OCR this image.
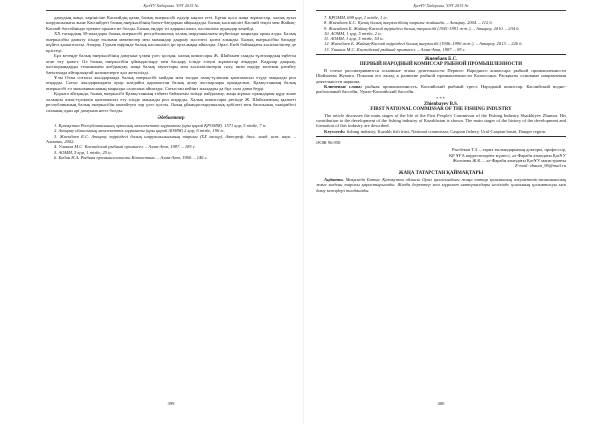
ҚазҰУ Хабаршы. ҮӘТ 2015 №

дамудың жаңа, көрінісіне Каспийдің қазақ балық өнеркәсібі едәуір ықпал етті. Бұған қоса жаңа жұмыстар, халық ауыл шаруашылығы және Каспийдегі балық өнеркәсібінің бағыт-бағдарын айқындады. Балық кәсіпшілігі Каспий теңізі мен Жайық-Каспий бассейнінде ерекше орынға ие болды. Балық өндіру ісі қарқын алып, кәсіпшілік аудандар кеңейді.

ХХ ғасырдың 30-жылдары балық өнеркәсібі республикалық халық шаруашылығы жүйесінде маңызды орын алды. Балық өнеркәсібін дамыту ісінде ғылыми мекемелер мен мамандар даярлау мәселесі қолға алынды. Балық өнеркәсібін басқару жүйесі қалыптасты. Атырау, Гурьев өңірінде балық кәсіпшілігі ірі орталыққа айналды, Орал, Ембі бойындағы кәсіпшіліктер де өрістеді.

Бұл кезеңде балық өнеркәсібінің дамуына үлкен үлес қосқан, халық комиссары Ж. Шайхыев сынды тұлғалардың еңбегін атап өту қажет. Ол балық өнеркәсібін ұйымдастыру мен басқару ісінде елеулі жұмыстар атқарды. Кадрлар даярлау, кәсіпорындарды техникамен жабдықтау, жаңа балық зауыттары мен кәсіпшіліктерін салу, өнім өндіру көлемін ұлғайту бағытында айтарлықтай нәтижелерге қол жеткізілді.

Ұлы Отан соғысы жылдарында балық өнеркәсібі майдан мен тылды азық-түлікпен қамтамасыз етуде маңызды рөл атқарды. Соғыс жылдарындағы ауыр жағдайға қарамастан балық аулау жоспарлары орындалып, Қазақстанның балық өнеркәсібі ел экономикасының маңызды саласына айналды. Соғыстан кейінгі жылдары да бұл сала дами берді.

Қорыта айтқанда, балық өнеркәсібі Қазақстанның табиғи байлығын тиімді пайдалану, жаңа жұмыс орындарын құру және халықты азық-түлікпен қамтамасыз ету ісінде маңызды рөл атқарды. Халық комиссары ретінде Ж. Шайхыевтың қызметі республиканың балық өнеркәсібін нығайтуға зор үлес қосты. Оның ұйымдастырушылық қабілеті мен басшылық тәжірибесі саланың одан әрі дамуына негіз болды.

Әдебиеттер

1. Қазақстан Республикасының орталық мемлекеттік мұрағаты (ары қарай ҚРОММ). 1571 қор, 5 тізбе, 7 іс.

2. Атырау облысының мемлекеттік мұрағаты (ары қарай АОММ) 2 қор, 6 тізбе, 196 іс.

3. Жиенбаев Б.С. Атырау өңіріндегі балық шаруашылығының тарихы (XX ғасыр). Автореф. дисс. канд. ист. наук. – Алматы, 2002.

4. Ушаков М.С. Каспийский рыбный промысел. – Алма-Ата, 1987. – 185 с.

5. АОММ, 5 қор, 1 тізбе, 25 іс.

6. Бабин Н.А. Рыбная промышленность Казахстана. – Алма-Ата, 1960. – 146 с.

399
ҚазҰУ Хабаршы. ҮӘТ 2015 №

7. ҚРОММ, 698 қор, 1 тізбе, 1 іс.

8. Жиенбаев Б.С. Қазақ балық өнеркәсібінің тарихы жайында. – Атырау, 2004. – 112 б.

9. Жиенбаев Б. Жайық-Каспий өңіріндегі балық өнеркәсібі (1941-1991 жж.). – Атырау, 2010. – 234 б.

10. АОММ, 1 қор, 5 тізбе, 2 іс.

11. АОММ, 1 қор, 5 тізбе, 54 іс.

12. Жиенбаев Б. Жайық-Каспий өңіріндегі балық өнеркәсібі (1946–1990 жж.). – Атырау, 2013. – 226 б.

13. Ушаков М.С. Каспийский рыбный промысел. – Алма-Ата, 1987. – 85 с.

Жиенбаев Б.С.
ПЕРВЫЙ НАРОДНЫЙ КОМИССАР РЫБНОЙ ПРОМЫШЛЕННОСТИ

В статье рассматриваются основные этапы деятельности Первого Народного комиссара рыбной промышленности Шайхыева Жумата. Показан его вклад в развитие рыбной промышленности Казахстана. Раскрыты основные направления деятельности наркома.

Ключевые слова: рыбная промышленность, Каспийский рыбный трест, Народный комиссар, Каспийский водно-рыболовный бассейн, Урало-Каспийский бассейн.

***
Zhienbayev B.S.
FIRST NATIONAL COMMISSAR OF THE FISHING INDUSTRY

The article discusses the main stages of the life of the First People's Commissar of the Fishing Industry Shaikhiyev Zhumat. His contribution to the development of the fishing industry of Kazakhstan is shown. The main stages of the history of the development and formation of this industry are described.

Keywords: fishing industry, Kazakh fish trust, National commissar, Caspian fishery, Ural-Caspian basin, Danger region.

ӘОЖ 96.958
Рысбеков Т.З. – тарих ғылымдарының докторы, профессор,
ҚР ҰҒА корреспондент мүшесі, әл-Фараби атындағы ҚазҰУ
Жолтаева Ж.К. – әл-Фараби атындағы ҚазҰУ магистранты
E-mail: zhanat_96@mail.ru
ЖАҢА ТАТАРСТАН ҚАЙМАҚТАРЫ

Аңдатпа. Мақалада Батыс Қазақстан облысы Орал қаласындағы жаңа татар қоғамының әлеуметтік-экономикалық және мәдени тарихы қарастырылады. Жазба деректер мен мұрағат материалдары негізінде қоғамның қалыптасуы мен даму кезеңдері талданады.

400
